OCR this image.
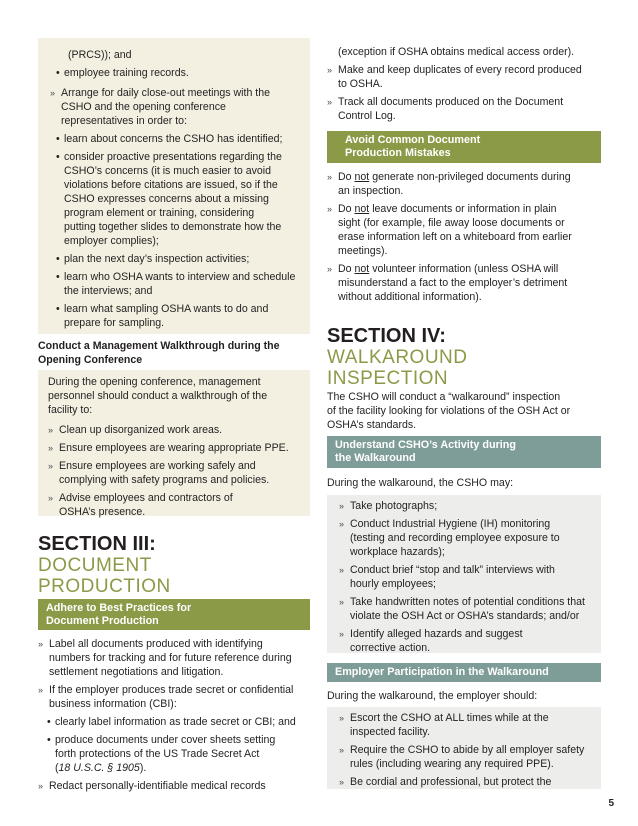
(PRCS)); and

• employee training records.

» Arrange for daily close-out meetings with the
CSHO and the opening conference
representatives in order to:
• learn about concerns the CSHO has identified;
• consider proactive presentations regarding the
CSHO’s concerns (it is much easier to avoid
violations before citations are issued, so if the
CSHO expresses concerns about a missing
program element or training, considering
putting together slides to demonstrate how the
employer complies);
• plan the next day’s inspection activities;
• learn who OSHA wants to interview and schedule
the interviews; and
• learn what sampling OSHA wants to do and
prepare for sampling.
Conduct a Management Walkthrough during the
Opening Conference
During the opening conference, management
personnel should conduct a walkthrough of the
facility to:
» Clean up disorganized work areas.
» Ensure employees are wearing appropriate PPE.
» Ensure employees are working safely and
complying with safety programs and policies.
» Advise employees and contractors of
OSHA’s presence.

SECTION III:

DOCUMENT

PRODUCTION

Adhere to Best Practices for
Document Production
» Label all documents produced with identifying
numbers for tracking and for future reference during
settlement negotiations and litigation.
» If the employer produces trade secret or confidential
business information (CBI):
• clearly label information as trade secret or CBI; and
• produce documents under cover sheets setting
forth protections of the US Trade Secret Act
(18 U.S.C. § 1905).
» Redact personally-identifiable medical records

(exception if OSHA obtains medical access order).

» Make and keep duplicates of every record produced
to OSHA.
» Track all documents produced on the Document
Control Log.
Avoid Common Document
Production Mistakes
» Do not generate non-privileged documents during
an inspection.
» Do not leave documents or information in plain
sight (for example, file away loose documents or
erase information left on a whiteboard from earlier
meetings).
» Do not volunteer information (unless OSHA will
misunderstand a fact to the employer’s detriment
without additional information).

SECTION IV:

WALKAROUND

INSPECTION

The CSHO will conduct a “walkaround” inspection
of the facility looking for violations of the OSH Act or
OSHA’s standards.
Understand CSHO’s Activity during
the Walkaround

During the walkaround, the CSHO may:

» Take photographs;
» Conduct Industrial Hygiene (IH) monitoring
(testing and recording employee exposure to
workplace hazards);
» Conduct brief “stop and talk” interviews with
hourly employees;
» Take handwritten notes of potential conditions that
violate the OSH Act or OSHA’s standards; and/or
» Identify alleged hazards and suggest
corrective action.
Employer Participation in the Walkaround

During the walkaround, the employer should:

» Escort the CSHO at ALL times while at the
inspected facility.
» Require the CSHO to abide by all employer safety
rules (including wearing any required PPE).
» Be cordial and professional, but protect the
5
